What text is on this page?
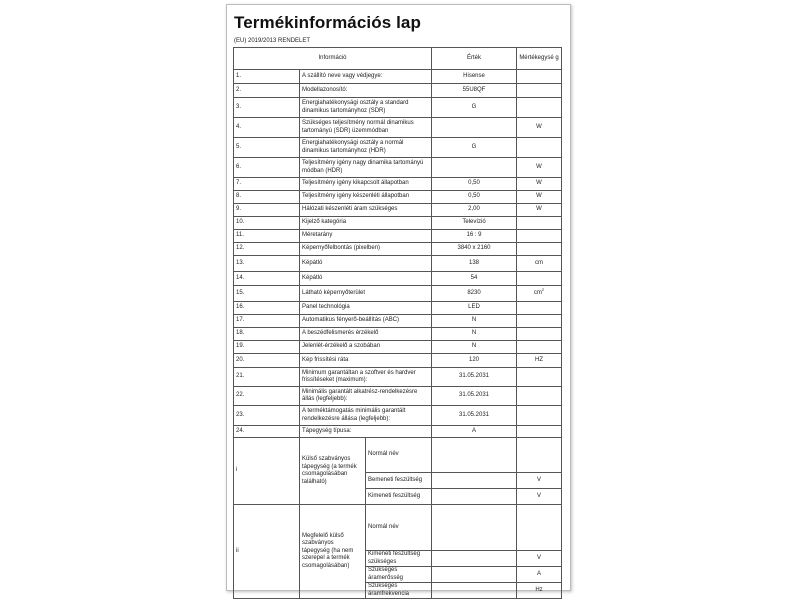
Termékinformációs lap
(EU) 2019/2013 RENDELET
Információ			Érték	Mértékegysé g
1.	A szállító neve vagy védjegye:		Hisense	
2.	Modellazonosító:		55U8QF	
3.	Energiahatékonysági osztály a standard dinamikus tartományhoz (SDR)		G	
4.	Szükséges teljesítmény normál dinamikus tartományú (SDR) üzemmódban			W
5.	Energiahatékonysági osztály a normál dinamikus tartományhoz (HDR)		G	
6.	Teljesítmény igény nagy dinamika tartományú módban (HDR)			W
7.	Teljesítmény igény kikapcsolt állapotban		0,50	W
8.	Teljesítmény igény készenléti állapotban		0,50	W
9.	Hálózati készenléti áram szükséges		2,00	W
10.	Kijelző kategória		Televízió	
11.	Méretarány		16 : 9	
12.	Képernyőfelbontás (pixelben)		3840 x 2160	
13.	Képátló		138	cm
14.	Képátló		54	
15.	Látható képernyőterület		8230	$cm^2$
16.	Panel technológia		LED	
17.	Automatikus fényerő-beállítás (ABC)		N	
18.	A beszédfelismerés érzékelő		N	
19.	Jelenlét-érzékelő a szobában		N	
20.	Kép frissítési ráta		120	HZ
21.	Minimum garantáltan a szoftver és hardver frissítéseket (maximum):		31.05.2031	
22.	Minimális garantált alkatrész-rendelkezésre állás (legfeljebb):		31.05.2031	
23.	A terméktámogatás minimális garantált rendelkezésre állása (legfeljebb):		31.05.2031	
24.	Tápegység típusa:		A	
i	Külső szabványos tápegység (a termék csomagolásában található)	Normál név		
		Bemeneti feszültség		V
		Kimeneti feszültség		V
ii	Megfelelő külső szabványos tápegység (ha nem szerepel a termék csomagolásában)	Normál név		
		Kimeneti feszültség szükséges		V
		Szükséges áramerősség		A
		Szükséges áramfrekvencia		Hz
